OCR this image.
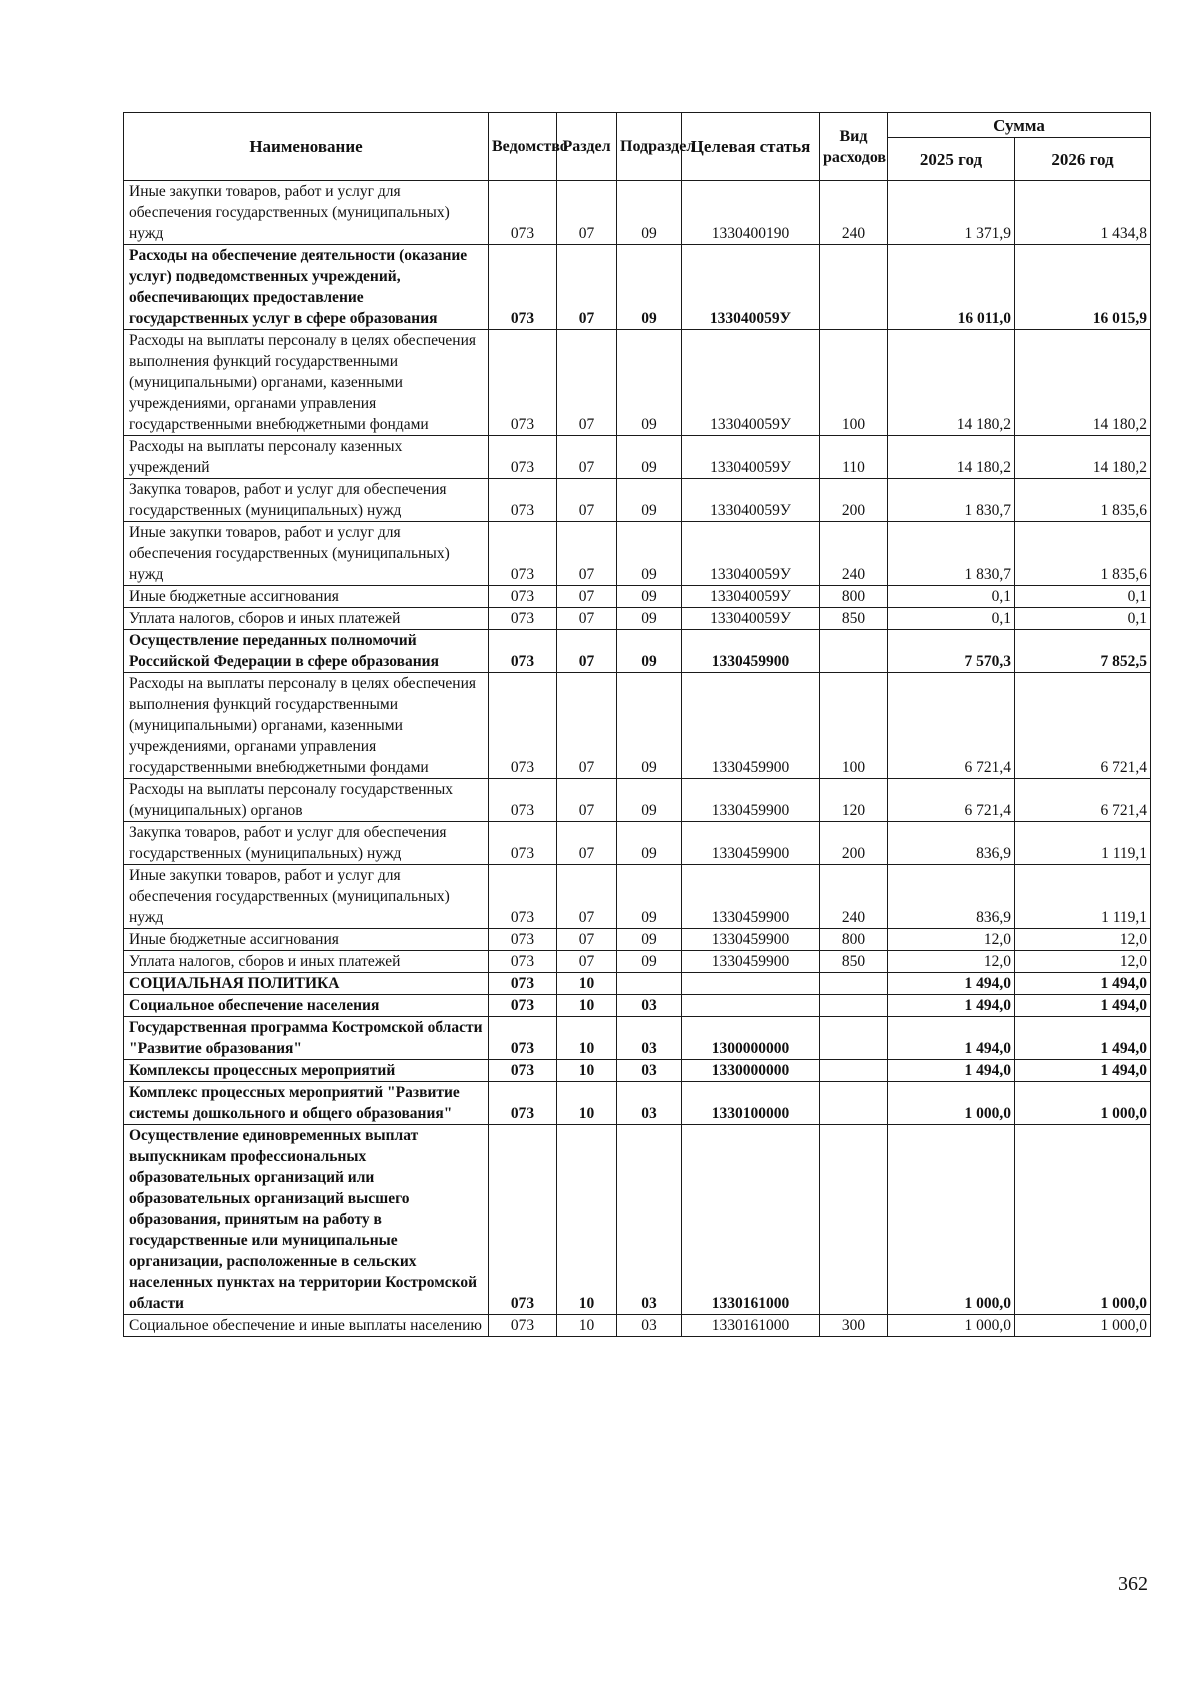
Наименование	Ведомство	Раздел	Подраздел	Целевая статья	Вид расходов	Сумма	
						2025 год	2026 год
Иные закупки товаров, работ и услуг для обеспечения государственных (муниципальных) нужд	073	07	09	1330400190	240	1 371,9	1 434,8
Расходы на обеспечение деятельности (оказание услуг) подведомственных учреждений, обеспечивающих предоставление государственных услуг в сфере образования	073	07	09	133040059У		16 011,0	16 015,9
Расходы на выплаты персоналу в целях обеспечения выполнения функций государственными (муниципальными) органами, казенными учреждениями, органами управления государственными внебюджетными фондами	073	07	09	133040059У	100	14 180,2	14 180,2
Расходы на выплаты персоналу казенных учреждений	073	07	09	133040059У	110	14 180,2	14 180,2
Закупка товаров, работ и услуг для обеспечения государственных (муниципальных) нужд	073	07	09	133040059У	200	1 830,7	1 835,6
Иные закупки товаров, работ и услуг для обеспечения государственных (муниципальных) нужд	073	07	09	133040059У	240	1 830,7	1 835,6
Иные бюджетные ассигнования	073	07	09	133040059У	800	0,1	0,1
Уплата налогов, сборов и иных платежей	073	07	09	133040059У	850	0,1	0,1
Осуществление переданных полномочий Российской Федерации в сфере образования	073	07	09	1330459900		7 570,3	7 852,5
Расходы на выплаты персоналу в целях обеспечения выполнения функций государственными (муниципальными) органами, казенными учреждениями, органами управления государственными внебюджетными фондами	073	07	09	1330459900	100	6 721,4	6 721,4
Расходы на выплаты персоналу государственных (муниципальных) органов	073	07	09	1330459900	120	6 721,4	6 721,4
Закупка товаров, работ и услуг для обеспечения государственных (муниципальных) нужд	073	07	09	1330459900	200	836,9	1 119,1
Иные закупки товаров, работ и услуг для обеспечения государственных (муниципальных) нужд	073	07	09	1330459900	240	836,9	1 119,1
Иные бюджетные ассигнования	073	07	09	1330459900	800	12,0	12,0
Уплата налогов, сборов и иных платежей	073	07	09	1330459900	850	12,0	12,0
СОЦИАЛЬНАЯ ПОЛИТИКА	073	10				1 494,0	1 494,0
Социальное обеспечение населения	073	10	03			1 494,0	1 494,0
Государственная программа Костромской области "Развитие образования"	073	10	03	1300000000		1 494,0	1 494,0
Комплексы процессных мероприятий	073	10	03	1330000000		1 494,0	1 494,0
Комплекс процессных мероприятий "Развитие системы дошкольного и общего образования"	073	10	03	1330100000		1 000,0	1 000,0
Осуществление единовременных выплат выпускникам профессиональных образовательных организаций или образовательных организаций высшего образования, принятым на работу в государственные или муниципальные организации, расположенные в сельских населенных пунктах на территории Костромской области	073	10	03	1330161000		1 000,0	1 000,0
Социальное обеспечение и иные выплаты населению	073	10	03	1330161000	300	1 000,0	1 000,0
362
